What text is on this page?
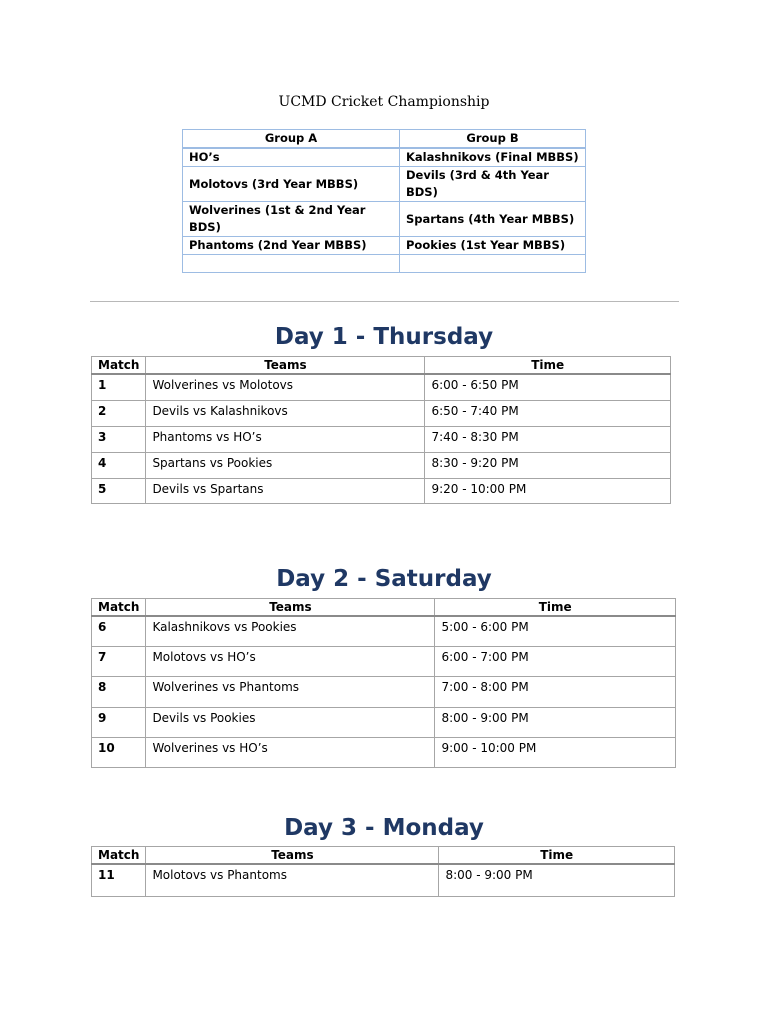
UCMD Cricket Championship
Group A	Group B
HO’s	Kalashnikovs (Final MBBS)
Molotovs (3rd Year MBBS)	Devils (3rd & 4th Year BDS)
Wolverines (1st & 2nd Year BDS)	Spartans (4th Year MBBS)
Phantoms (2nd Year MBBS)	Pookies (1st Year MBBS)

Day 1 - Thursday
Match	Teams	Time
1	Wolverines vs Molotovs	6:00 - 6:50 PM
2	Devils vs Kalashnikovs	6:50 - 7:40 PM
3	Phantoms vs HO’s	7:40 - 8:30 PM
4	Spartans vs Pookies	8:30 - 9:20 PM
5	Devils vs Spartans	9:20 - 10:00 PM
Day 2 - Saturday
Match	Teams	Time
6	Kalashnikovs vs Pookies	5:00 - 6:00 PM
7	Molotovs vs HO’s	6:00 - 7:00 PM
8	Wolverines vs Phantoms	7:00 - 8:00 PM
9	Devils vs Pookies	8:00 - 9:00 PM
10	Wolverines vs HO’s	9:00 - 10:00 PM
Day 3 - Monday
Match	Teams	Time
11	Molotovs vs Phantoms	8:00 - 9:00 PM
